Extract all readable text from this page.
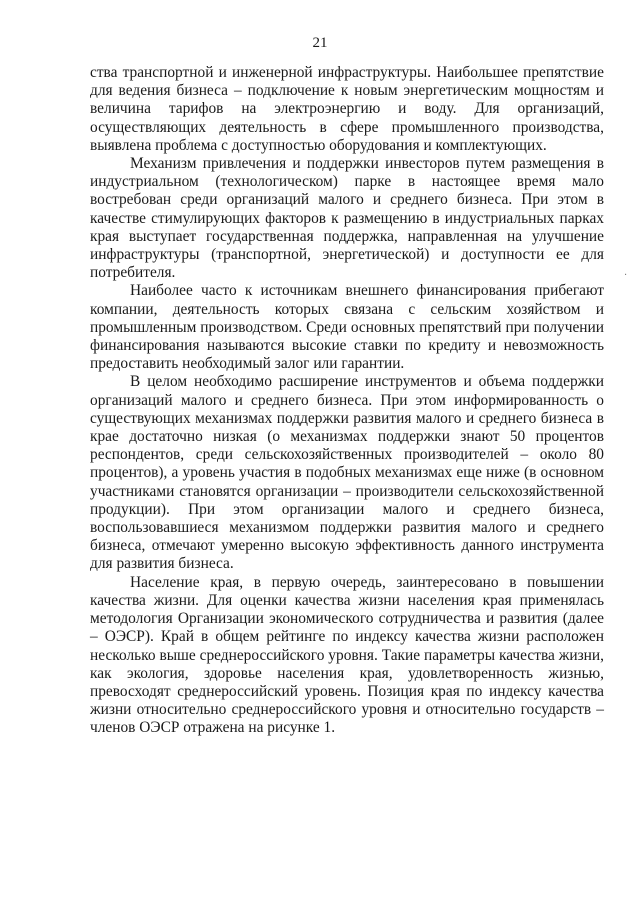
21

ства транспортной и инженерной инфраструктуры. Наибольшее препятствие для ведения бизнеса – подключение к новым энергетическим мощностям и величина тарифов на электроэнергию и воду. Для организаций, осуществляющих деятельность в сфере промышленного производства, выявлена проблема с доступностью оборудования и комплектующих.

Механизм привлечения и поддержки инвесторов путем размещения в индустриальном (технологическом) парке в настоящее время мало востребован среди организаций малого и среднего бизнеса. При этом в качестве стимулирующих факторов к размещению в индустриальных парках края выступает государственная поддержка, направленная на улучшение инфраструктуры (транспортной, энергетической) и доступности ее для потребителя.

Наиболее часто к источникам внешнего финансирования прибегают компании, деятельность которых связана с сельским хозяйством и промышленным производством. Среди основных препятствий при получении финансирования называются высокие ставки по кредиту и невозможность предоставить необходимый залог или гарантии.

В целом необходимо расширение инструментов и объема поддержки организаций малого и среднего бизнеса. При этом информированность о существующих механизмах поддержки развития малого и среднего бизнеса в крае достаточно низкая (о механизмах поддержки знают 50 процентов респондентов, среди сельскохозяйственных производителей – около 80 процентов), а уровень участия в подобных механизмах еще ниже (в основном участниками становятся организации – производители сельскохозяйственной продукции). При этом организации малого и среднего бизнеса, воспользовавшиеся механизмом поддержки развития малого и среднего бизнеса, отмечают умеренно высокую эффективность данного инструмента для развития бизнеса.

Население края, в первую очередь, заинтересовано в повышении качества жизни. Для оценки качества жизни населения края применялась методология Организации экономического сотрудничества и развития (далее – ОЭСР). Край в общем рейтинге по индексу качества жизни расположен несколько выше среднероссийского уровня. Такие параметры качества жизни, как экология, здоровье населения края, удовлетворенность жизнью, превосходят среднероссийский уровень. Позиция края по индексу качества жизни относительно среднероссийского уровня и относительно государств – членов ОЭСР отражена на рисунке 1.

·
